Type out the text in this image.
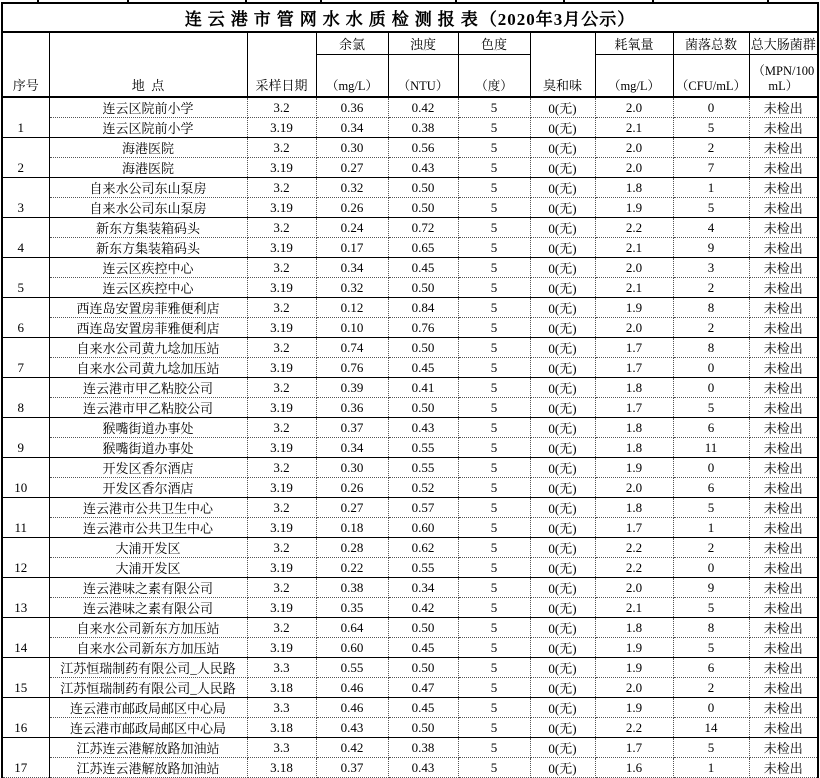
连云港市管网水水质检测报表（2020年3月公示）									
序号	地  点	采样日期	余氯	浊度	色度	臭和味	耗氧量	菌落总数	总大肠菌群
			（mg/L）	（NTU）	（度）		（mg/L）	（CFU/mL）	（MPN/100
mL）

1	连云区院前小学	3.2	0.36	0.42	5	0(无)	2.0	0	未检出
	连云区院前小学	3.19	0.34	0.38	5	0(无)	2.1	5	未检出
2	海港医院	3.2	0.30	0.56	5	0(无)	2.0	2	未检出
	海港医院	3.19	0.27	0.43	5	0(无)	2.0	7	未检出
3	自来水公司东山泵房	3.2	0.32	0.50	5	0(无)	1.8	1	未检出
	自来水公司东山泵房	3.19	0.26	0.50	5	0(无)	1.9	5	未检出
4	新东方集装箱码头	3.2	0.24	0.72	5	0(无)	2.2	4	未检出
	新东方集装箱码头	3.19	0.17	0.65	5	0(无)	2.1	9	未检出
5	连云区疾控中心	3.2	0.34	0.45	5	0(无)	2.0	3	未检出
	连云区疾控中心	3.19	0.32	0.50	5	0(无)	2.1	2	未检出
6	西连岛安置房菲雅便利店	3.2	0.12	0.84	5	0(无)	1.9	8	未检出
	西连岛安置房菲雅便利店	3.19	0.10	0.76	5	0(无)	2.0	2	未检出
7	自来水公司黄九埝加压站	3.2	0.74	0.50	5	0(无)	1.7	8	未检出
	自来水公司黄九埝加压站	3.19	0.76	0.45	5	0(无)	1.7	0	未检出
8	连云港市甲乙粘胶公司	3.2	0.39	0.41	5	0(无)	1.8	0	未检出
	连云港市甲乙粘胶公司	3.19	0.36	0.50	5	0(无)	1.7	5	未检出
9	猴嘴街道办事处	3.2	0.37	0.43	5	0(无)	1.8	6	未检出
	猴嘴街道办事处	3.19	0.34	0.55	5	0(无)	1.8	11	未检出
10	开发区香尔酒店	3.2	0.30	0.55	5	0(无)	1.9	0	未检出
	开发区香尔酒店	3.19	0.26	0.52	5	0(无)	2.0	6	未检出
11	连云港市公共卫生中心	3.2	0.27	0.57	5	0(无)	1.8	5	未检出
	连云港市公共卫生中心	3.19	0.18	0.60	5	0(无)	1.7	1	未检出
12	大浦开发区	3.2	0.28	0.62	5	0(无)	2.2	2	未检出
	大浦开发区	3.19	0.22	0.55	5	0(无)	2.2	0	未检出
13	连云港味之素有限公司	3.2	0.38	0.34	5	0(无)	2.0	9	未检出
	连云港味之素有限公司	3.19	0.35	0.42	5	0(无)	2.1	5	未检出
14	自来水公司新东方加压站	3.2	0.64	0.50	5	0(无)	1.8	8	未检出
	自来水公司新东方加压站	3.19	0.60	0.45	5	0(无)	1.9	5	未检出
15	江苏恒瑞制药有限公司_人民路	3.3	0.55	0.50	5	0(无)	1.9	6	未检出
	江苏恒瑞制药有限公司_人民路	3.18	0.46	0.47	5	0(无)	2.0	2	未检出
16	连云港市邮政局邮区中心局	3.3	0.46	0.45	5	0(无)	1.9	0	未检出
	连云港市邮政局邮区中心局	3.18	0.43	0.50	5	0(无)	2.2	14	未检出
17	江苏连云港解放路加油站	3.3	0.42	0.38	5	0(无)	1.7	5	未检出
	江苏连云港解放路加油站	3.18	0.37	0.43	5	0(无)	1.6	1	未检出
